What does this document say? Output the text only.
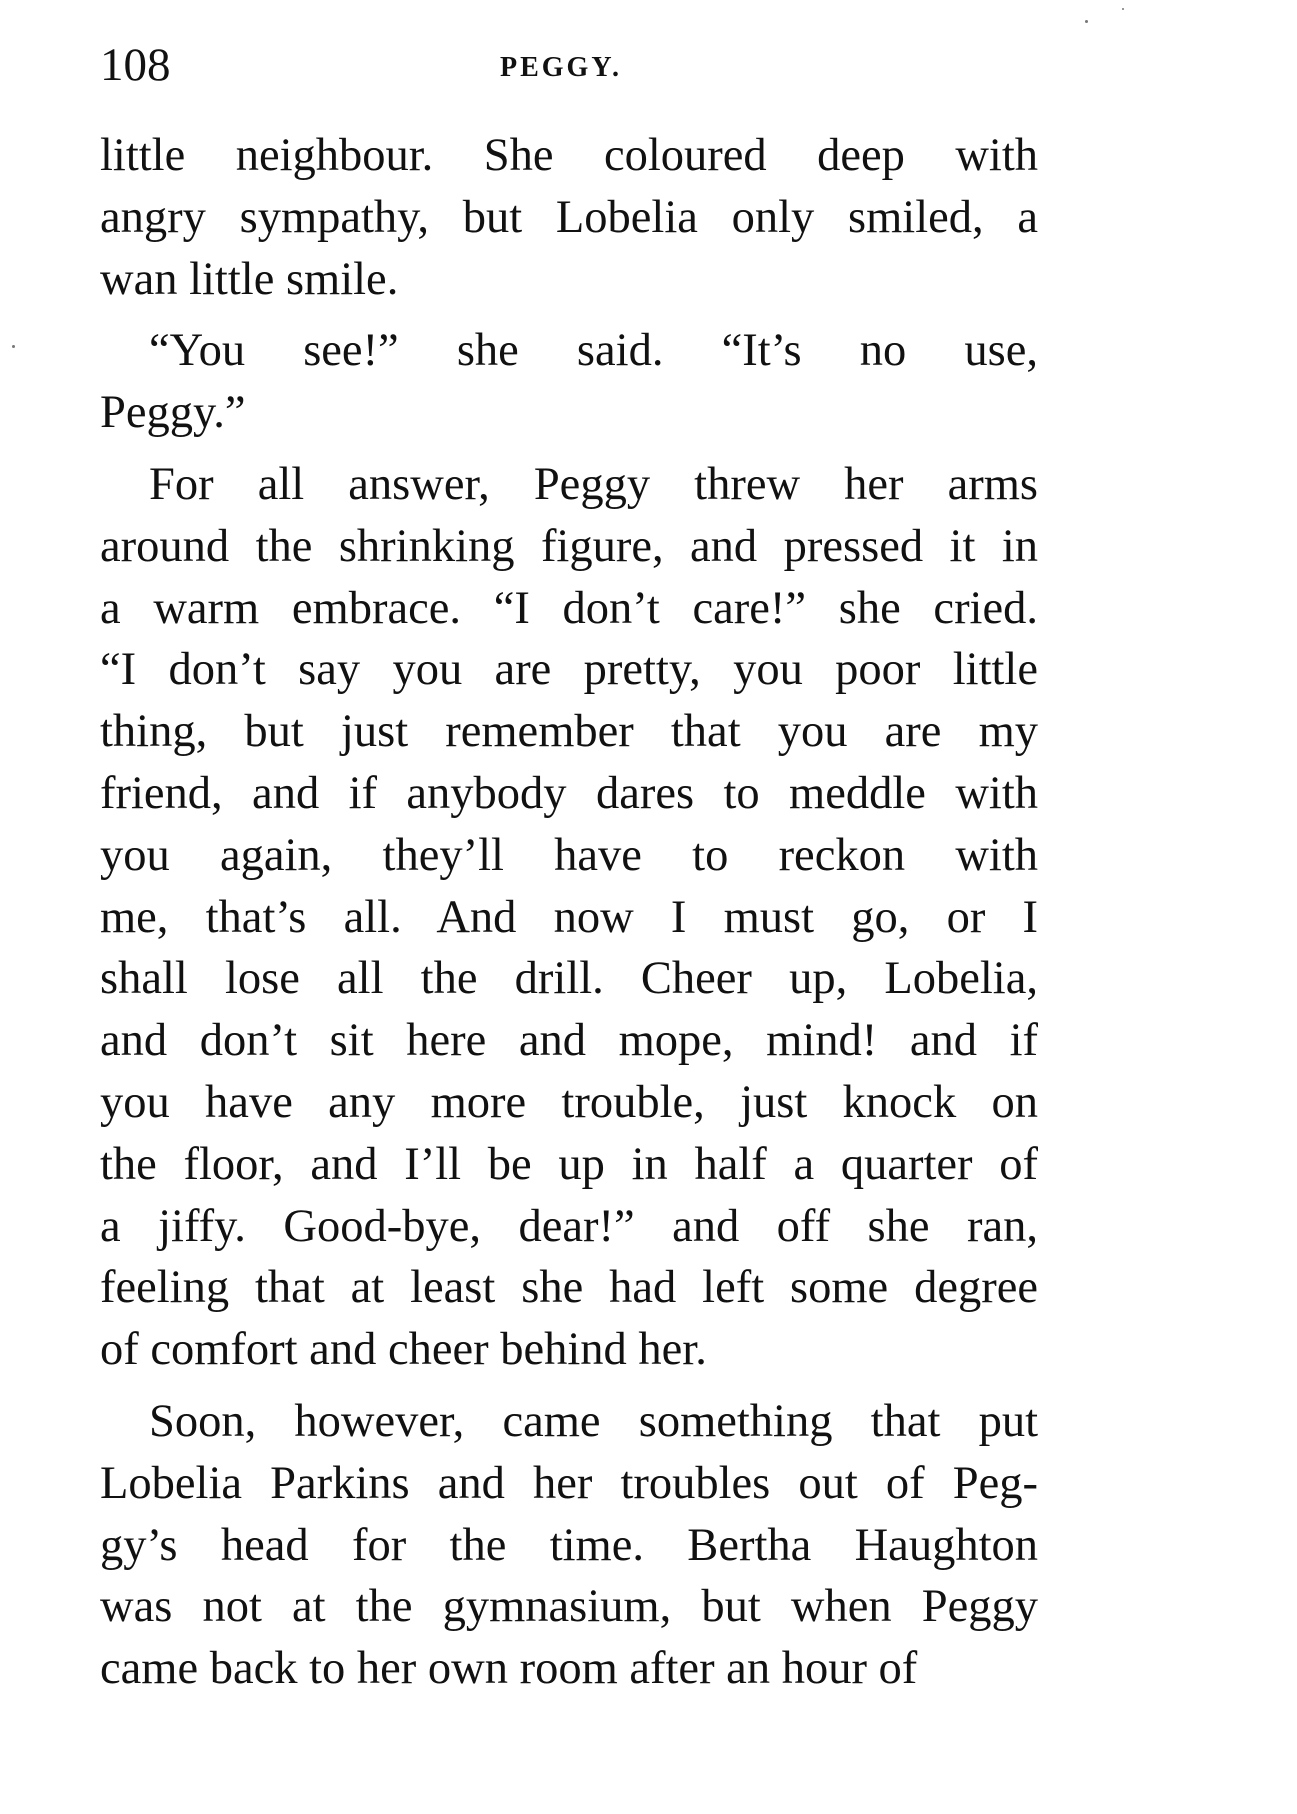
108	PEGGY.
little neighbour. She coloured deep with
angry sympathy, but Lobelia only smiled, a
wan little smile.
“You see!” she said. “It’s no use,
Peggy.”
For all answer, Peggy threw her arms
around the shrinking figure, and pressed it in
a warm embrace. “I don’t care!” she cried.
“I don’t say you are pretty, you poor little
thing, but just remember that you are my
friend, and if anybody dares to meddle with
you again, they’ll have to reckon with
me, that’s all. And now I must go, or I
shall lose all the drill. Cheer up, Lobelia,
and don’t sit here and mope, mind! and if
you have any more trouble, just knock on
the floor, and I’ll be up in half a quarter of
a jiffy. Good-bye, dear!” and off she ran,
feeling that at least she had left some degree
of comfort and cheer behind her.
Soon, however, came something that put
Lobelia Parkins and her troubles out of Peg-
gy’s head for the time. Bertha Haughton
was not at the gymnasium, but when Peggy
came back to her own room after an hour of
